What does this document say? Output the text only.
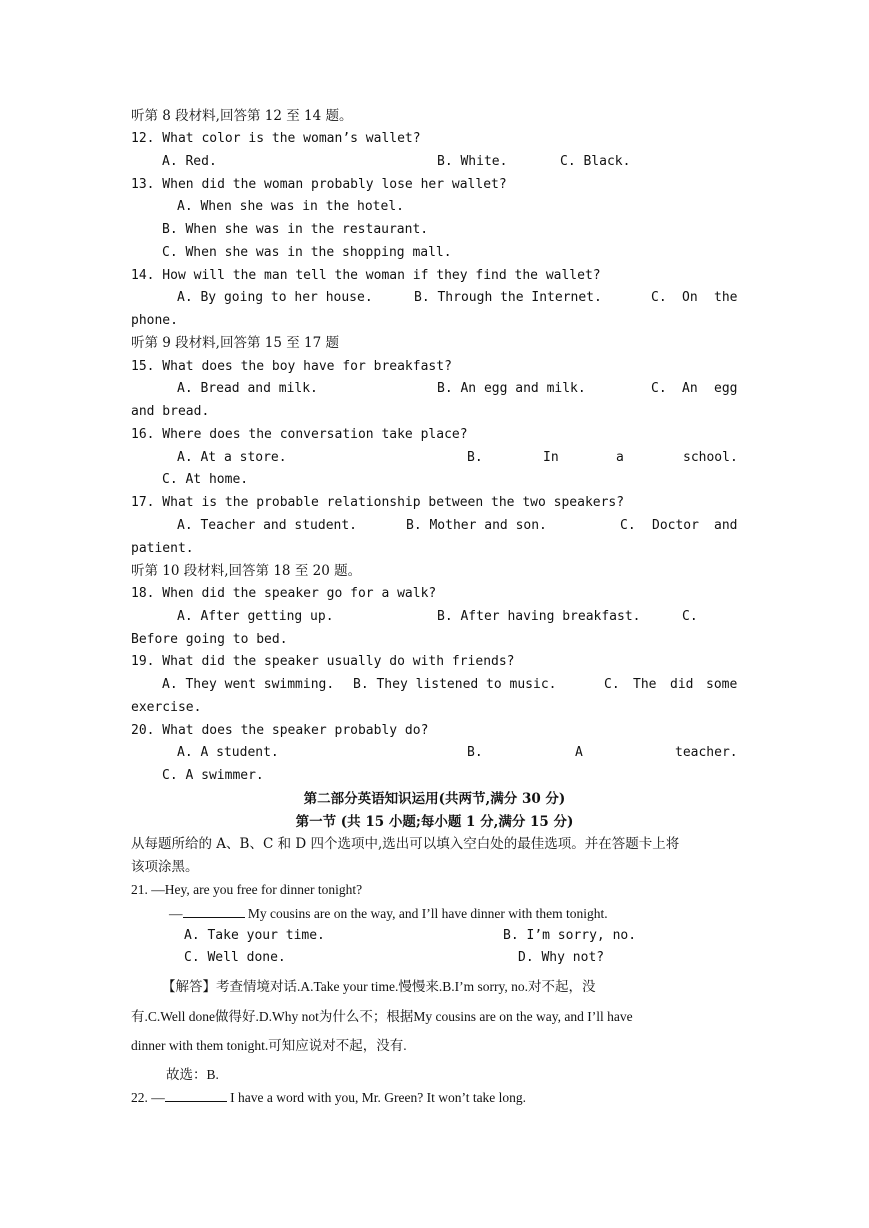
听第 8 段材料,回答第 12 至 14 题。
12. What color is the woman’s wallet?
A. Red.	B. White.	C. Black.
13. When did the woman probably lose her wallet?
A. When she was in the hotel.
B. When she was in the restaurant.
C. When she was in the shopping mall.
14. How will the man tell the woman if they find the wallet?
A. By going to her house.	B. Through the Internet.	C. On the
phone.
听第 9 段材料,回答第 15 至 17 题
15. What does the boy have for breakfast?
A. Bread and milk.	B. An egg and milk.	C. An egg
and bread.
16. Where does the conversation take place?
A. At a store.	B.	In	a	school.
C. At home.
17. What is the probable relationship between the two speakers?
A. Teacher and student.	B. Mother and son.	C. Doctor and
patient.
听第 10 段材料,回答第 18 至 20 题。
18. When did the speaker go for a walk?
A. After getting up.	B. After having breakfast.	C.
Before going to bed.
19. What did the speaker usually do with friends?
A. They went swimming. B. They listened to music.	C. The did some
exercise.
20. What does the speaker probably do?
A. A student.	B.	A	teacher.
C. A swimmer.
第二部分英语知识运用(共两节,满分 30 分)
第一节 (共 15 小题;每小题 1 分,满分 15 分)
从每题所给的 A、B、C 和 D 四个选项中,选出可以填入空白处的最佳选项。并在答题卡上将
该项涂黑。
21. —Hey, are you free for dinner tonight?
—	My cousins are on the way, and I’ll have dinner with them tonight.
A. Take your time.	B. I’m sorry, no.
C. Well done.	D. Why not?
【解答】考查情境对话.A.Take your time.慢慢来.B.I’m sorry, no.对不起，没
有.C.Well done做得好.D.Why not为什么不；根据My cousins are on the way, and I’ll have
dinner with them tonight.可知应说对不起，没有.
故选：B.
22. —	I have a word with you, Mr. Green? It won’t take long.
